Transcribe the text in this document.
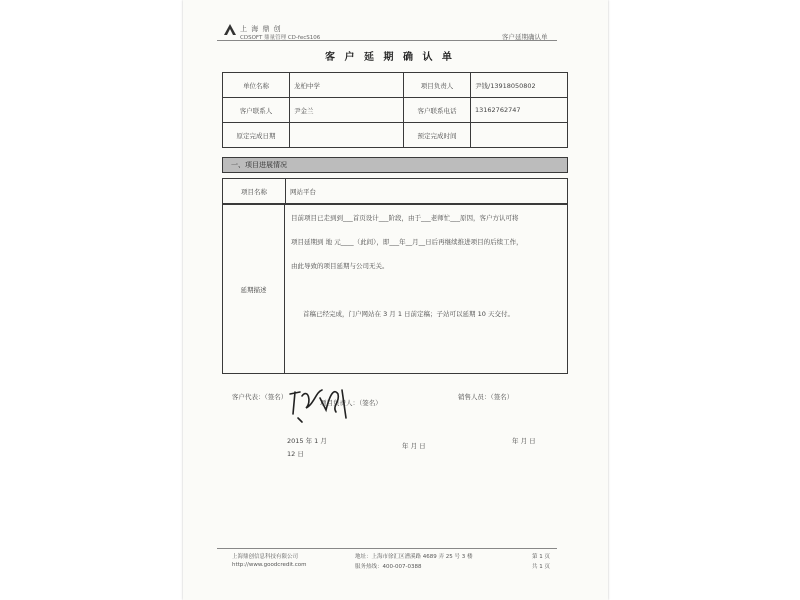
上 海 鼎 创
CDSOFT 鼎量管理 CD-fecS106	客户延期确认单
客 户 延 期 确 认 单
单位名称	龙柏中学	项目负责人	尹钱/13918050802
客户联系人	尹金兰	客户联系电话	13162762747
原定完成日期		预定完成时间	
一、项目进展情况
项目名称	网站平台
延期描述
目前项目已走到到___首页设计___阶段，由于___老师忙___原因，客户方认可将
项目延期到 地 元____（此间），即___年__月__日后再继续推进项目的后续工作，
由此导致的项目延期与公司无关。
首稿已经完成，门户网站在 3 月 1 日前定稿；子站可以延期 10 天交付。
客户代表：（签名）
项目负责人：（签名）
销售人员：（签名）
2015 年 1 月
12 日
年 月 日
年 月 日
上海鼎创信息科技有限公司
http://www.goodcredit.com
地址：上海市徐汇区漕溪路 4689 弄 25 号 3 楼
服务热线：400-007-0388
第 1 页
共 1 页
